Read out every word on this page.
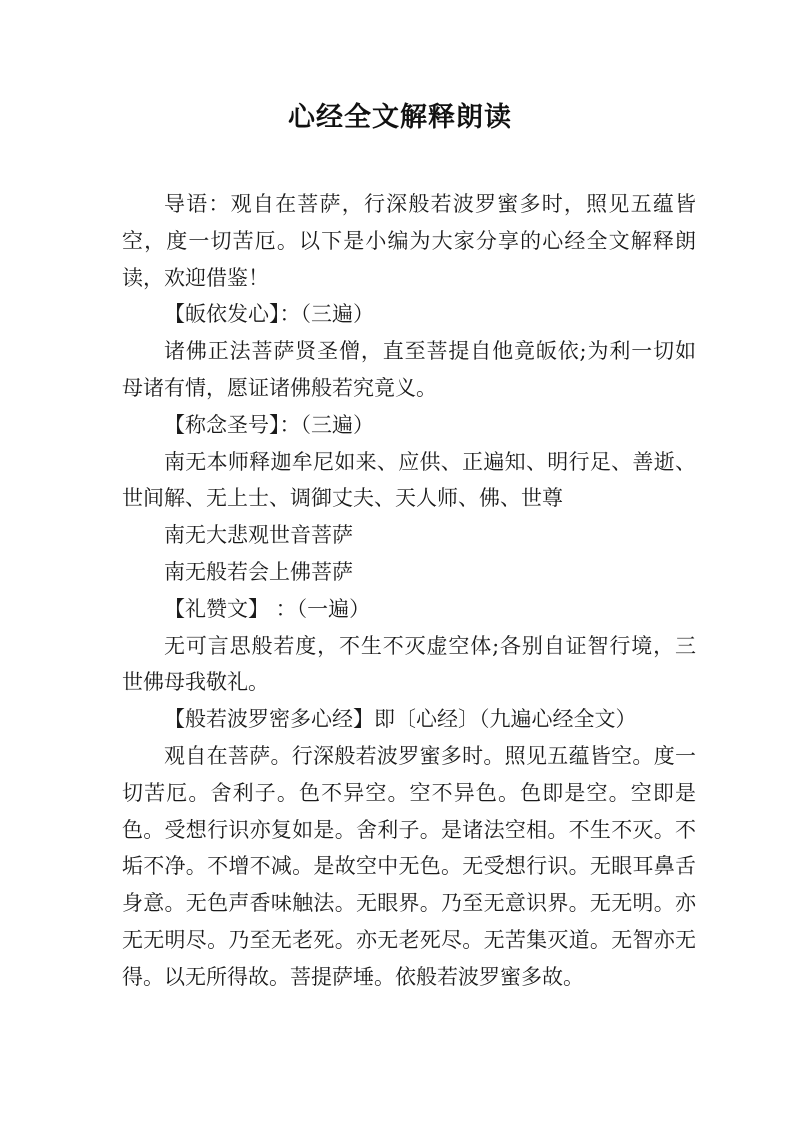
心经全文解释朗读

导语：观自在菩萨，行深般若波罗蜜多时，照见五蕴皆空，度一切苦厄。以下是小编为大家分享的心经全文解释朗读，欢迎借鉴！

【皈依发心】：（三遍）

诸佛正法菩萨贤圣僧，直至菩提自他竟皈依;为利一切如母诸有情，愿证诸佛般若究竟义。

【称念圣号】：（三遍）

南无本师释迦牟尼如来、应供、正遍知、明行足、善逝、世间解、无上士、调御丈夫、天人师、佛、世尊

南无大悲观世音菩萨

南无般若会上佛菩萨

【礼赞文】 ：（一遍）

无可言思般若度，不生不灭虚空体;各别自证智行境，三世佛母我敬礼。

【般若波罗密多心经】即〔心经〕（九遍心经全文）

观自在菩萨。行深般若波罗蜜多时。照见五蕴皆空。度一切苦厄。舍利子。色不异空。空不异色。色即是空。空即是色。受想行识亦复如是。舍利子。是诸法空相。不生不灭。不垢不净。不增不减。是故空中无色。无受想行识。无眼耳鼻舌身意。无色声香味触法。无眼界。乃至无意识界。无无明。亦无无明尽。乃至无老死。亦无老死尽。无苦集灭道。无智亦无得。以无所得故。菩提萨埵。依般若波罗蜜多故。
